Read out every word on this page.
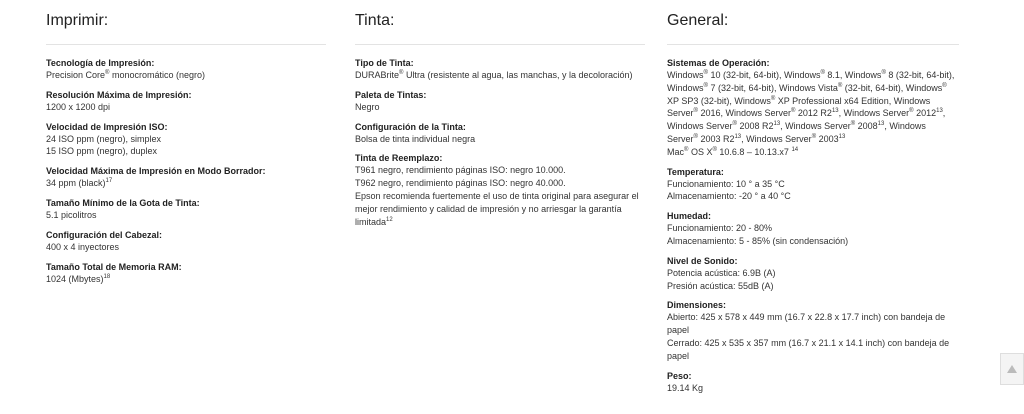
Imprimir:
Tecnología de Impresión:
Precision Core® monocromático (negro)
Resolución Máxima de Impresión:
1200 x 1200 dpi
Velocidad de Impresión ISO:
24 ISO ppm (negro), simplex
15 ISO ppm (negro), duplex
Velocidad Máxima de Impresión en Modo Borrador:
34 ppm (black)$^{17}$
Tamaño Mínimo de la Gota de Tinta:
5.1 picolitros
Configuración del Cabezal:
400 x 4 inyectores
Tamaño Total de Memoria RAM:
1024 (Mbytes)$^{18}$
Tinta:
Tipo de Tinta:
DURABrite® Ultra (resistente al agua, las manchas, y la decoloración)
Paleta de Tintas:
Negro
Configuración de la Tinta:
Bolsa de tinta individual negra
Tinta de Reemplazo:
T961 negro, rendimiento páginas ISO: negro 10.000.
T962 negro, rendimiento páginas ISO: negro 40.000.
Epson recomienda fuertemente el uso de tinta original para asegurar el
mejor rendimiento y calidad de impresión y no arriesgar la garantía
limitada$^{12}$
General:
Sistemas de Operación:
Windows® 10 (32-bit, 64-bit), Windows® 8.1, Windows® 8 (32-bit, 64-bit),
Windows® 7 (32-bit, 64-bit), Windows Vista® (32-bit, 64-bit), Windows®
XP SP3 (32-bit), Windows® XP Professional x64 Edition, Windows
Server® 2016, Windows Server® 2012 $R2^{13}$, Windows Server® 2012$^{13}$,
Windows Server® 2008 $R2^{13}$, Windows Server® 2008$^{13}$, Windows
Server® 2003 $R2^{13}$, Windows Server® 2003$^{13}$
Mac® OS X® 10.6.8 – 10.13.x7 $^{14}$
Temperatura:
Funcionamiento: 10 ° a 35 °C
Almacenamiento: -20 ° a 40 °C
Humedad:
Funcionamiento: 20 - 80%
Almacenamiento: 5 - 85% (sin condensación)
Nivel de Sonido:
Potencia acústica: 6.9B (A)
Presión acústica: 55dB (A)
Dimensiones:
Abierto: 425 x 578 x 449 mm (16.7 x 22.8 x 17.7 inch) con bandeja de
papel
Cerrado: 425 x 535 x 357 mm (16.7 x 21.1 x 14.1 inch) con bandeja de
papel
Peso:
19.14 Kg
